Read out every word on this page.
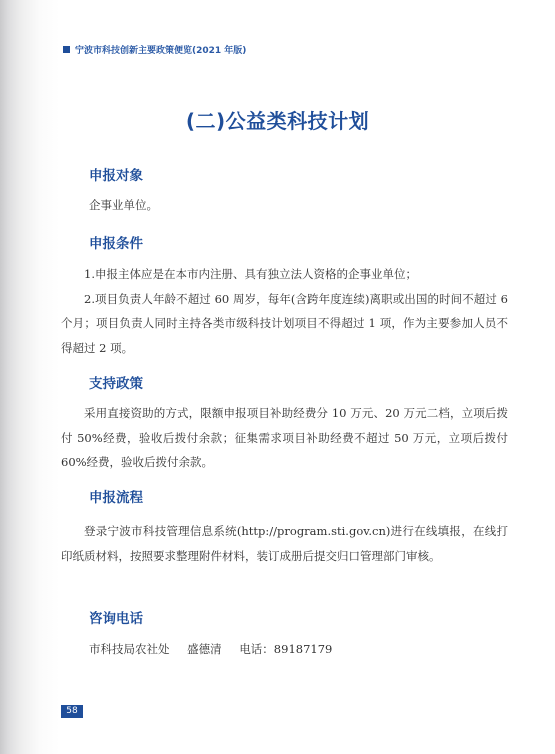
宁波市科技创新主要政策便览(2021 年版)
(二)公益类科技计划
申报对象
企事业单位。
申报条件

1.申报主体应是在本市内注册、具有独立法人资格的企事业单位；

2.项目负责人年龄不超过 60 周岁，每年(含跨年度连续)离职或出国的时间不超过 6 个月；项目负责人同时主持各类市级科技计划项目不得超过 1 项，作为主要参加人员不得超过 2 项。

支持政策

采用直接资助的方式，限额申报项目补助经费分 10 万元、20 万元二档，立项后拨付 50%经费，验收后拨付余款；征集需求项目补助经费不超过 50 万元，立项后拨付 60%经费，验收后拨付余款。

申报流程

登录宁波市科技管理信息系统(http://program.sti.gov.cn)进行在线填报，在线打印纸质材料，按照要求整理附件材料，装订成册后提交归口管理部门审核。

咨询电话
市科技局农社处 盛德清 电话：89187179
58
